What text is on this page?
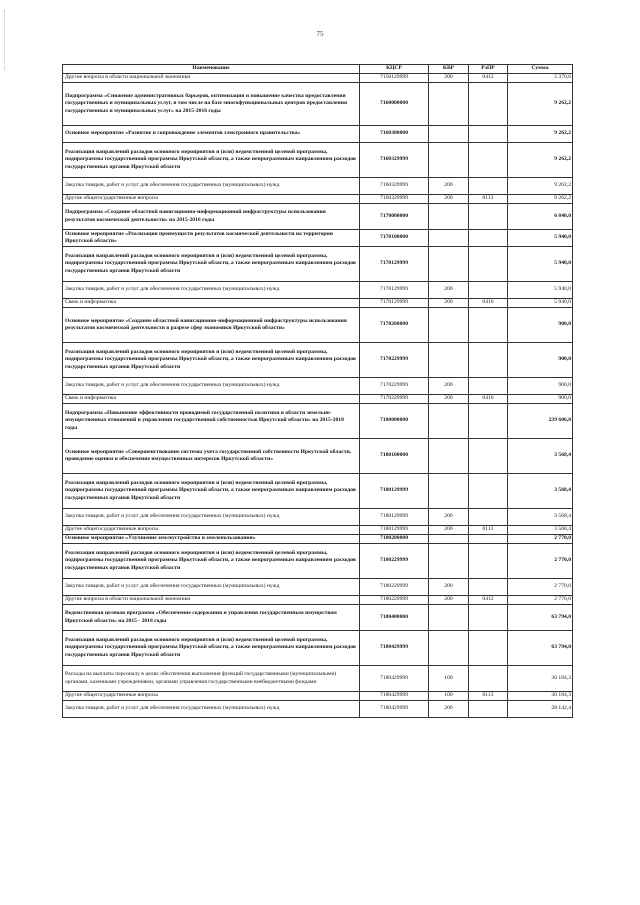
75
Наименование	КЦСР	КВР	РзПР	Сумма
Другие вопросы в области национальной экономики	7150129999	200	0412	5 370,6
Подпрограмма «Снижение административных барьеров, оптимизация и повышение качества предоставления государственных и муниципальных услуг, в том числе на базе многофункциональных центров предоставления государственных и муниципальных услуг» на 2015-2016 годы	7160000000			9 262,2
Основное мероприятие «Развитие и сопровождение элементов электронного правительства»	7160300000			9 262,2
Реализация направлений расходов основного мероприятия и (или) ведомственной целевой программы, подпрограммы государственной программы Иркутской области, а также непрограммным направлениям расходов государственных органов Иркутской области	7160329999			9 262,2
Закупка товаров, работ и услуг для обеспечения государственных (муниципальных) нужд	7160329999	200		9 262,2
Другие общегосударственные вопросы	7160329999	200	0113	9 262,2
Подпрограмма «Создание областной навигационно-информационной инфраструктуры использования результатов космической деятельности» на 2015-2016 годы	7170000000			6 840,0
Основное мероприятие «Реализация преимуществ результатов космической деятельности на территории Иркутской области»	7170100000			5 940,0
Реализация направлений расходов основного мероприятия и (или) ведомственной целевой программы, подпрограммы государственной программы Иркутской области, а также непрограммным направлениям расходов государственных органов Иркутской области	7170129999			5 940,0
Закупка товаров, работ и услуг для обеспечения государственных (муниципальных) нужд	7170129999	200		5 940,0
Связь и информатика	7170129999	200	0410	5 940,0
Основное мероприятие «Создание областной навигационно-информационной инфраструктуры использования результатов космической деятельности в разрезе сфер экономики Иркутской области»	7170200000			900,0
Реализация направлений расходов основного мероприятия и (или) ведомственной целевой программы, подпрограммы государственной программы Иркутской области, а также непрограммным направлениям расходов государственных органов Иркутской области	7170229999			900,0
Закупка товаров, работ и услуг для обеспечения государственных (муниципальных) нужд	7170229999	200		900,0
Связь и информатика	7170229999	200	0410	900,0
Подпрограмма «Повышение эффективности проводимой государственной политики в области земельно-имущественных отношений и управления государственной собственностью Иркутской области» на 2015-2018 годы	7180000000			239 606,8
Основное мероприятие «Совершенствование системы учета государственной собственности Иркутской области, проведение оценки и обеспечение имущественных интересов Иркутской области»	7180100000			3 568,4
Реализация направлений расходов основного мероприятия и (или) ведомственной целевой программы, подпрограммы государственной программы Иркутской области, а также непрограммным направлениям расходов государственных органов Иркутской области	7180129999			3 568,4
Закупка товаров, работ и услуг для обеспечения государственных (муниципальных) нужд	7180129999	200		3 568,4
Другие общегосударственные вопросы	7180129999	200	0113	3 568,4
Основное мероприятие «Улучшение землеустройства и землепользования»	7180200000			2 770,0
Реализация направлений расходов основного мероприятия и (или) ведомственной целевой программы, подпрограммы государственной программы Иркутской области, а также непрограммным направлениям расходов государственных органов Иркутской области	7180229999			2 770,0
Закупка товаров, работ и услуг для обеспечения государственных (муниципальных) нужд	7180229999	200		2 770,0
Другие вопросы в области национальной экономики	7180229999	200	0412	2 770,0
Ведомственная целевая программа «Обеспечение содержания и управления государственным имуществом Иркутской области» на 2015 - 2018 годы	7180400000			63 794,0
Реализация направлений расходов основного мероприятия и (или) ведомственной целевой программы, подпрограммы государственной программы Иркутской области, а также непрограммным направлениям расходов государственных органов Иркутской области	7180429999			63 794,0
Расходы на выплаты персоналу в целях обеспечения выполнения функций государственными (муниципальными) органами, казенными учреждениями, органами управления государственными внебюджетными фондами	7180429999	100		30 184,3
Другие общегосударственные вопросы	7180429999	100	0113	30 184,3
Закупка товаров, работ и услуг для обеспечения государственных (муниципальных) нужд	7180429999	200		28 142,4
